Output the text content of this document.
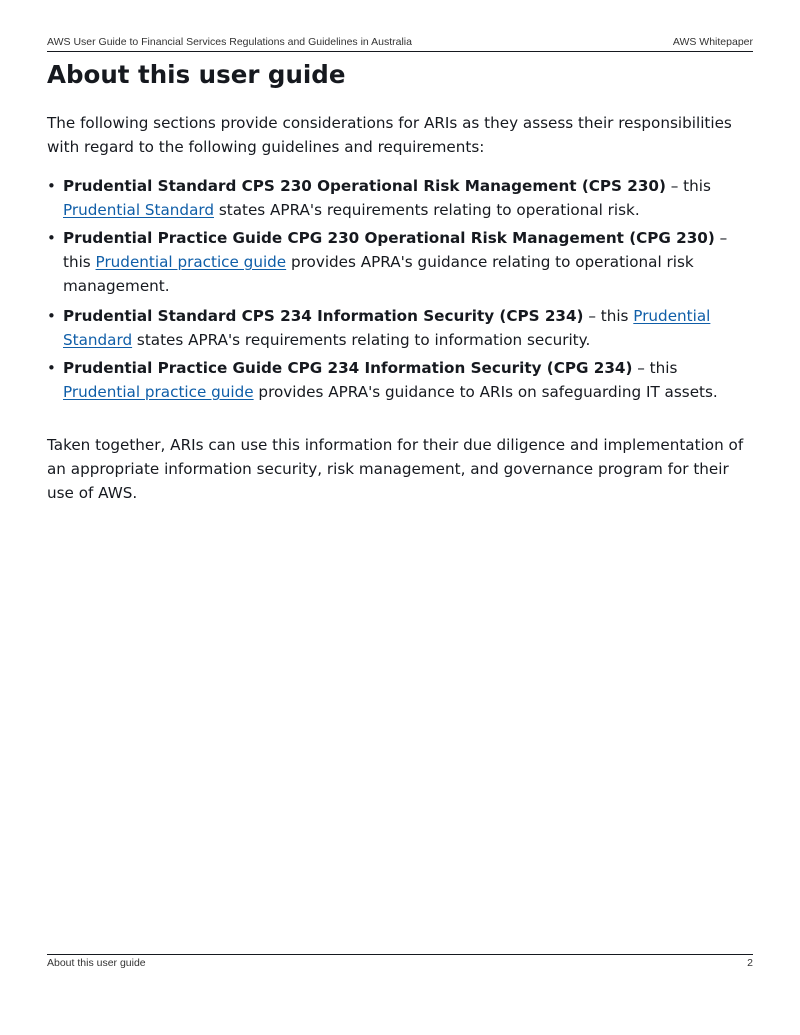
AWS User Guide to Financial Services Regulations and Guidelines in Australia	AWS Whitepaper
About this user guide

The following sections provide considerations for ARIs as they assess their responsibilities with regard to the following guidelines and requirements:

• Prudential Standard CPS 230 Operational Risk Management (CPS 230) – this Prudential Standard states APRA's requirements relating to operational risk.
• Prudential Practice Guide CPG 230 Operational Risk Management (CPG 230) – this Prudential practice guide provides APRA's guidance relating to operational risk management.
• Prudential Standard CPS 234 Information Security (CPS 234) – this Prudential Standard states APRA's requirements relating to information security.
• Prudential Practice Guide CPG 234 Information Security (CPG 234) – this Prudential practice guide provides APRA's guidance to ARIs on safeguarding IT assets.

Taken together, ARIs can use this information for their due diligence and implementation of an appropriate information security, risk management, and governance program for their use of AWS.

About this user guide	2
